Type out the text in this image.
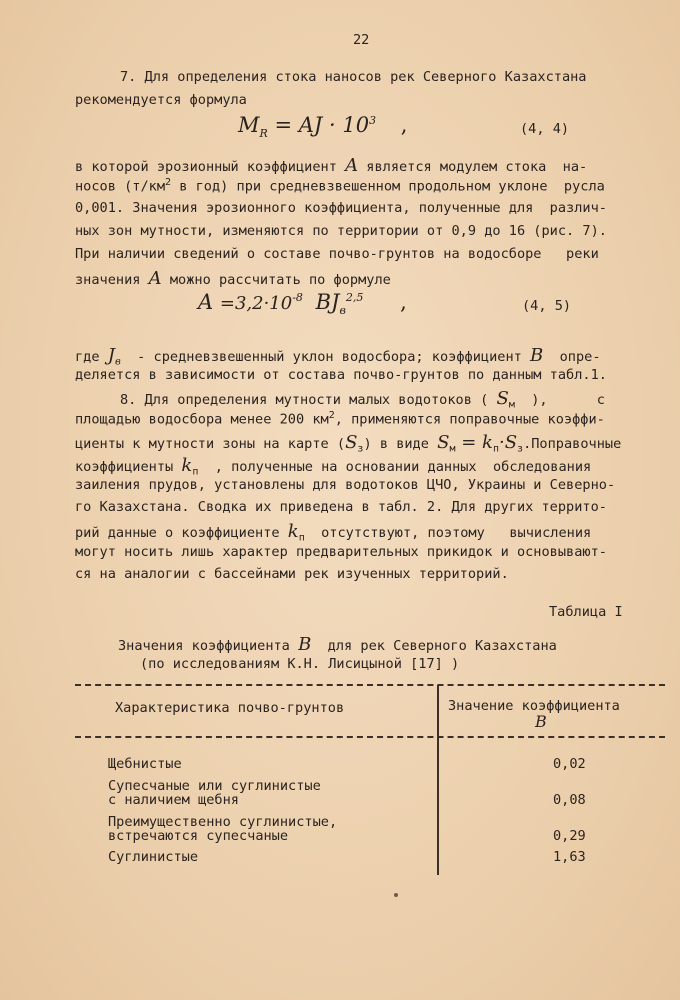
22
7. Для определения стока наносов рек Северного Казахстана
рекомендуется формула
$M_R$ = AJ · $10^3$ ,	(4, 4)
в которой эрозионный коэффициент A является модулем стока  на-
носов ($т/км^2$ в год) при средневзвешенном продольном уклоне  русла
0,001. Значения эрозионного коэффициента, полученные для  различ-
ных зон мутности, изменяются по территории от 0,9 до 16 (рис. 7).
При наличии сведений о составе почво-грунтов на водосборе   реки
значения A можно рассчитать по формуле
$A =3,2\cdot 10^{-8}$ $BJ_в^{2,5}$ ,	(4, 5)
где $J_в$  - средневзвешенный уклон водосбора; коэффициент B  опре-
деляется в зависимости от состава почво-грунтов по данным табл.1.
8. Для определения мутности малых водотоков ( $S_м$  ),      с
площадью водосбора менее 200 $км^2$, применяются поправочные коэффи-
циенты к мутности зоны на карте $(S_з)$ в виде $S_м$ = $k_п\cdot S_з.Поправочные$
коэффициенты $k_п$  , полученные на основании данных  обследования
заиления прудов, установлены для водотоков ЦЧО, Украины и Северно-
го Казахстана. Сводка их приведена в табл. 2. Для других террито-
рий данные о коэффициенте $k_п$  отсутствуют, поэтому   вычисления
могут носить лишь характер предварительных прикидок и основывают-
ся на аналогии с бассейнами рек изученных территорий.
Таблица I
Значения коэффициента B  для рек Северного Казахстана
(по исследованиям К.Н. Лисицыной [17] )
Характеристика почво-грунтов	Значение коэффициента
B
Щебнистые	0,02
Супесчаные или суглинистые
с наличием щебня	0,08
Преимущественно суглинистые,
встречаются супесчаные	0,29
Суглинистые	1,63
